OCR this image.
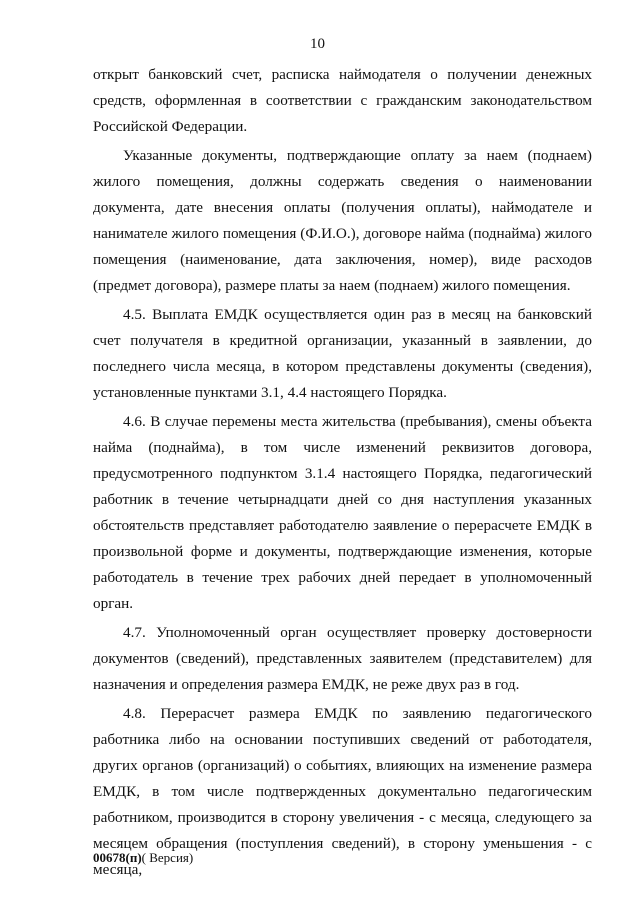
10

открыт банковский счет, расписка наймодателя о получении денежных средств, оформленная в соответствии с гражданским законодательством Российской Федерации.

Указанные документы, подтверждающие оплату за наем (поднаем) жилого помещения, должны содержать сведения о наименовании документа, дате внесения оплаты (получения оплаты), наймодателе и нанимателе жилого помещения (Ф.И.О.), договоре найма (поднайма) жилого помещения (наименование, дата заключения, номер), виде расходов (предмет договора), размере платы за наем (поднаем) жилого помещения.

4.5. Выплата ЕМДК осуществляется один раз в месяц на банковский счет получателя в кредитной организации, указанный в заявлении, до последнего числа месяца, в котором представлены документы (сведения), установленные пунктами 3.1, 4.4 настоящего Порядка.

4.6. В случае перемены места жительства (пребывания), смены объекта найма (поднайма), в том числе изменений реквизитов договора, предусмотренного подпунктом 3.1.4 настоящего Порядка, педагогический работник в течение четырнадцати дней со дня наступления указанных обстоятельств представляет работодателю заявление о перерасчете ЕМДК в произвольной форме и документы, подтверждающие изменения, которые работодатель в течение трех рабочих дней передает в уполномоченный орган.

4.7. Уполномоченный орган осуществляет проверку достоверности документов (сведений), представленных заявителем (представителем) для назначения и определения размера ЕМДК, не реже двух раз в год.

4.8. Перерасчет размера ЕМДК по заявлению педагогического работника либо на основании поступивших сведений от работодателя, других органов (организаций) о событиях, влияющих на изменение размера ЕМДК, в том числе подтвержденных документально педагогическим работником, производится в сторону увеличения - с месяца, следующего за месяцем обращения (поступления сведений), в сторону уменьшения - с месяца,

00678(п)( Версия)
